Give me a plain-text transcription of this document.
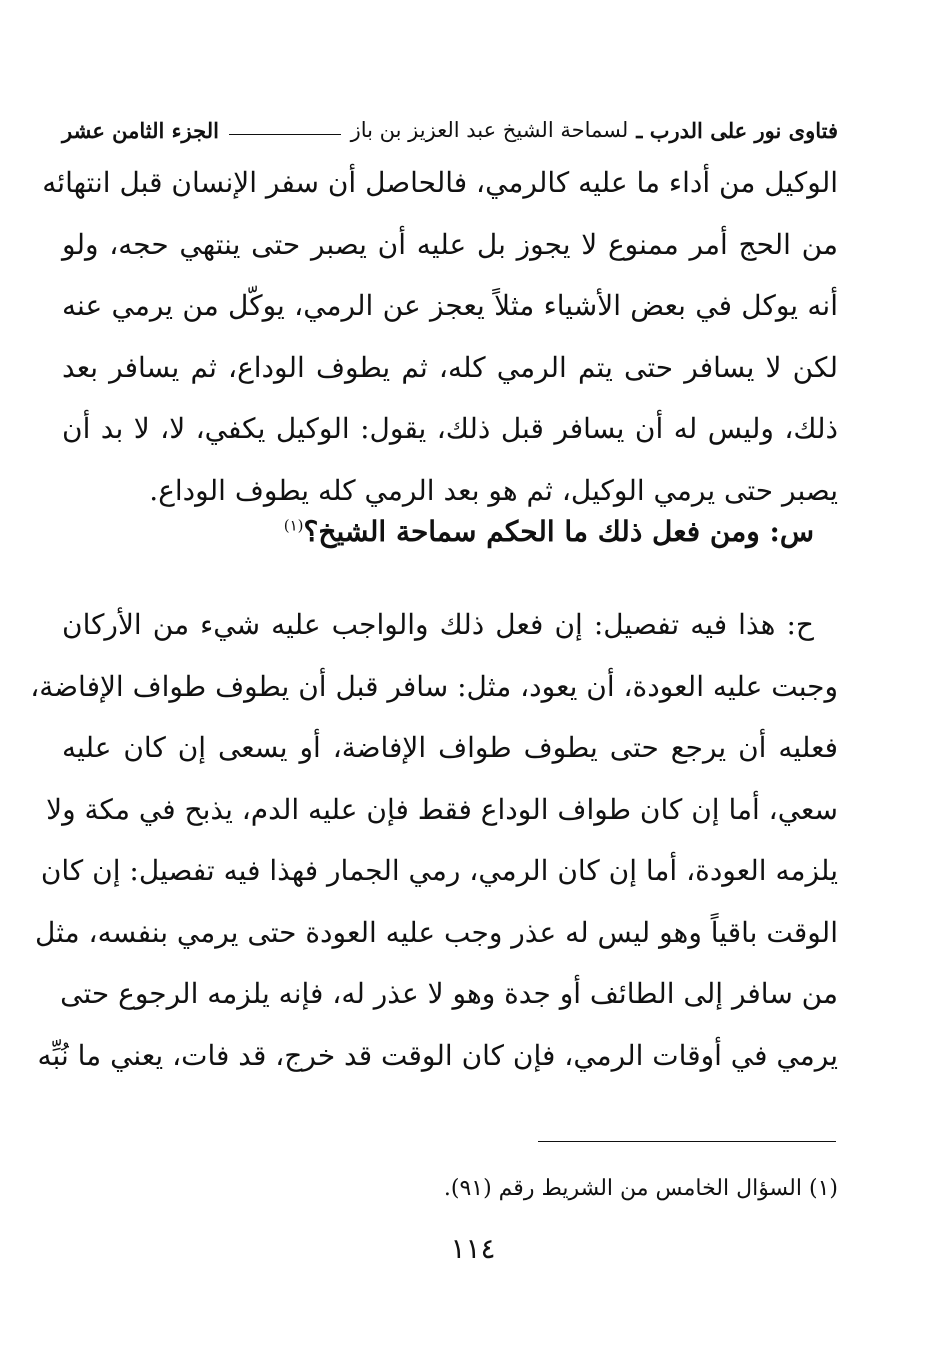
فتاوى نور على الدرب ـ
لسماحة الشيخ عبد العزيز بن باز
الجزء الثامن عشر
الوكيل من أداء ما عليه كالرمي، فالحاصل أن سفر الإنسان قبل انتهائه
من الحج أمر ممنوع لا يجوز بل عليه أن يصبر حتى ينتهي حجه، ولو
أنه يوكل في بعض الأشياء مثلاً يعجز عن الرمي، يوكّل من يرمي عنه
لكن لا يسافر حتى يتم الرمي كله، ثم يطوف الوداع، ثم يسافر بعد
ذلك، وليس له أن يسافر قبل ذلك، يقول: الوكيل يكفي، لا، لا بد أن
يصبر حتى يرمي الوكيل، ثم هو بعد الرمي كله يطوف الوداع.
س: ومن فعل ذلك ما الحكم سماحة الشيخ؟$^{(١)}$
ح: هذا فيه تفصيل: إن فعل ذلك والواجب عليه شيء من الأركان
وجبت عليه العودة، أن يعود، مثل: سافر قبل أن يطوف طواف الإفاضة،
فعليه أن يرجع حتى يطوف طواف الإفاضة، أو يسعى إن كان عليه
سعي، أما إن كان طواف الوداع فقط فإن عليه الدم، يذبح في مكة ولا
يلزمه العودة، أما إن كان الرمي، رمي الجمار فهذا فيه تفصيل: إن كان
الوقت باقياً وهو ليس له عذر وجب عليه العودة حتى يرمي بنفسه، مثل
من سافر إلى الطائف أو جدة وهو لا عذر له، فإنه يلزمه الرجوع حتى
يرمي في أوقات الرمي، فإن كان الوقت قد خرج، قد فات، يعني ما نُبِّه
(١) السؤال الخامس من الشريط رقم (٩١).
١١٤
